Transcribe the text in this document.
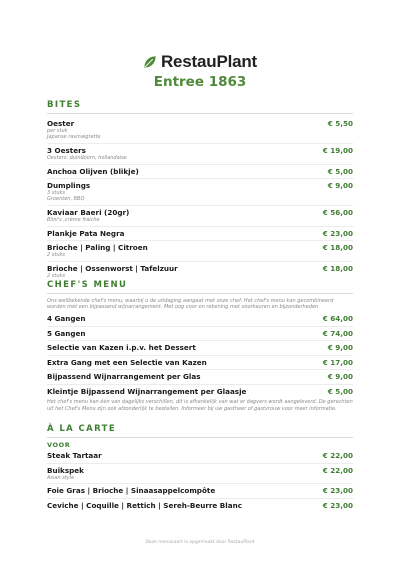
RestauPlant
Entree 1863
BITES
Oester	€ 5,50
per stuk
Japanse ravinaigrette
3 Oesters	€ 19,00
Oesters: duindoorn, hollandaise
Anchoa Olijven (blikje)	€ 5,00
Dumplings	€ 9,00
3 stuks
Groenten, BBQ
Kaviaar Baeri (20gr)	€ 56,00
Blini's ,crème fraiche
Plankje Pata Negra	€ 23,00
Brioche | Paling | Citroen	€ 18,00
2 stuks
Brioche | Ossenworst | Tafelzuur	€ 18,00
2 stuks
CHEF'S MENU
Ons wellbekende chef's menu, waarbij u de uitdaging aangaat met onze chef. Het chef's menu kan gecombineerd worden met een bijpassend wijnarrangement. Met oog voor en rekening met voorkeuren en bijzonderheden
4 Gangen	€ 64,00
5 Gangen	€ 74,00
Selectie van Kazen i.p.v. het Dessert	€ 9,00
Extra Gang met een Selectie van Kazen	€ 17,00
Bijpassend Wijnarrangement per Glas	€ 9,00
Kleintje Bijpassend Wijnarrangement per Glaasje	€ 5,00
Het chef's menu kan één van dagelijks verschillen, dit is afhankelijk van wat er dagvers wordt aangeleverd. De gerechten uit het Chef's Menu zijn ook afzonderlijk te bestellen. Informeer bij uw gastheer of gastvrouw voor meer informatie.
À LA CARTE
VOOR
Steak Tartaar	€ 22,00
Buikspek	€ 22,00
Asian style
Foie Gras | Brioche | Sinaasappelcompôte	€ 23,00
Ceviche | Coquille | Rettich | Sereh-Beurre Blanc	€ 23,00
Deze menukaart is opgemaakt door RestauPlant
